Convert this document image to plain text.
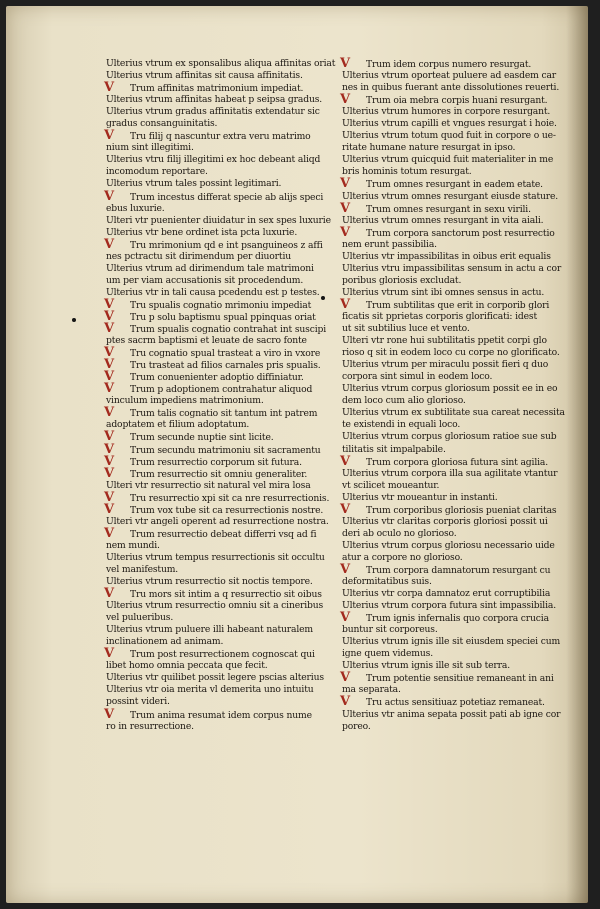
Ulterius vtrum ex sponsalibus aliqua affinitas oriat
Ulterius vtrum affinitas sit causa affinitatis.
V Trum affinitas matrimonium impediat.
Ulterius vtrum affinitas habeat p seipsa gradus.
Ulterius vtrum gradus affinitatis extendatur sic
gradus consanguinitatis.
V Tru filij q nascuntur extra veru matrimo
nium sint illegitimi.
Ulterius vtru filij illegitimi ex hoc debeant aliqd
incomodum reportare.
Ulterius vtrum tales possint legitimari.
V Trum incestus differat specie ab alijs speci
ebus luxurie.
Ulteri vtr puenienter diuidatur in sex spes luxurie
Ulterius vtr bene ordinet ista pcta luxurie.
V Tru mrimonium qd e int psanguineos z affi
nes pctractu sit dirimendum per diuortiu
Ulterius vtrum ad dirimendum tale matrimoni
um per viam accusationis sit procedendum.
Ulterius vtr in tali causa pcedendu est p testes.
V Tru spualis cognatio mrimoniu impediat
V Tru p solu baptismu spual ppinquas oriat
V Trum spualis cognatio contrahat int suscipi
ptes sacrm baptismi et leuate de sacro fonte
V Tru cognatio spual trasteat a viro in vxore
V Tru trasteat ad filios carnales pris spualis.
V Trum conuenienter adoptio diffiniatur.
V Trum p adoptionem contrahatur aliquod
vinculum impediens matrimonium.
V Trum talis cognatio sit tantum int patrem
adoptatem et filium adoptatum.
V Trum secunde nuptie sint licite.
V Trum secundu matrimoniu sit sacramentu
V Trum resurrectio corporum sit futura.
V Trum resurrectio sit omniu generaliter.
Ulteri vtr resurrectio sit natural vel mira losa
V Tru resurrectio xpi sit ca nre resurrectionis.
V Trum vox tube sit ca resurrectionis nostre.
Ulteri vtr angeli operent ad resurrectione nostra.
V Trum resurrectio debeat differri vsq ad fi
nem mundi.
Ulterius vtrum tempus resurrectionis sit occultu
vel manifestum.
Ulterius vtrum resurrectio sit noctis tempore.
V Tru mors sit intim a q resurrectio sit oibus
Ulterius vtrum resurrectio omniu sit a cineribus
vel pulueribus.
Ulterius vtrum puluere illi habeant naturalem
inclinationem ad animam.
V Trum post resurrectionem cognoscat qui
libet homo omnia peccata que fecit.
Ulterius vtr quilibet possit legere pscias alterius
Ulterius vtr oia merita vl demerita uno intuitu
possint videri.
V Trum anima resumat idem corpus nume
ro in resurrectione.
V Trum idem corpus numero resurgat.
Ulterius vtrum oporteat puluere ad easdem car
nes in quibus fuerant ante dissolutiones reuerti.
V Trum oia mebra corpis huani resurgant.
Ulterius vtrum humores in corpore resurgant.
Ulterius vtrum capilli et vngues resurgat i hoie.
Ulterius vtrum totum quod fuit in corpore o ue-
ritate humane nature resurgat in ipso.
Ulterius vtrum quicquid fuit materialiter in me
bris hominis totum resurgat.
V Trum omnes resurgant in eadem etate.
Ulterius vtrum omnes resurgant eiusde stature.
V Trum omnes resurgant in sexu virili.
Ulterius vtrum omnes resurgant in vita aiali.
V Trum corpora sanctorum post resurrectio
nem erunt passibilia.
Ulterius vtr impassibilitas in oibus erit equalis
Ulterius vtru impassibilitas sensum in actu a cor
poribus gloriosis excludat.
Ulterius vtrum sint ibi omnes sensus in actu.
V Trum subtilitas que erit in corporib glori
ficatis sit pprietas corporis glorificati: idest
ut sit subtilius luce et vento.
Ulteri vtr rone hui subtilitatis ppetit corpi glo
rioso q sit in eodem loco cu corpe no glorificato.
Ulterius vtrum per miraculu possit fieri q duo
corpora sint simul in eodem loco.
Ulterius vtrum corpus gloriosum possit ee in eo
dem loco cum alio glorioso.
Ulterius vtrum ex subtilitate sua careat necessita
te existendi in equali loco.
Ulterius vtrum corpus gloriosum ratioe sue sub
tilitatis sit impalpabile.
V Trum corpora gloriosa futura sint agilia.
Ulterius vtrum corpora illa sua agilitate vtantur
vt scilicet moueantur.
Ulterius vtr moueantur in instanti.
V Trum corporibus gloriosis pueniat claritas
Ulterius vtr claritas corporis gloriosi possit ui
deri ab oculo no glorioso.
Ulterius vtrum corpus gloriosu necessario uide
atur a corpore no glorioso.
V Trum corpora damnatorum resurgant cu
deformitatibus suis.
Ulterius vtr corpa damnatoz erut corruptibilia
Ulterius vtrum corpora futura sint impassibilia.
V Trum ignis infernalis quo corpora crucia
buntur sit corporeus.
Ulterius vtrum ignis ille sit eiusdem speciei cum
igne quem videmus.
Ulterius vtrum ignis ille sit sub terra.
V Trum potentie sensitiue remaneant in ani
ma separata.
V Tru actus sensitiuaz potetiaz remaneat.
Ulterius vtr anima sepata possit pati ab igne cor
poreo.
